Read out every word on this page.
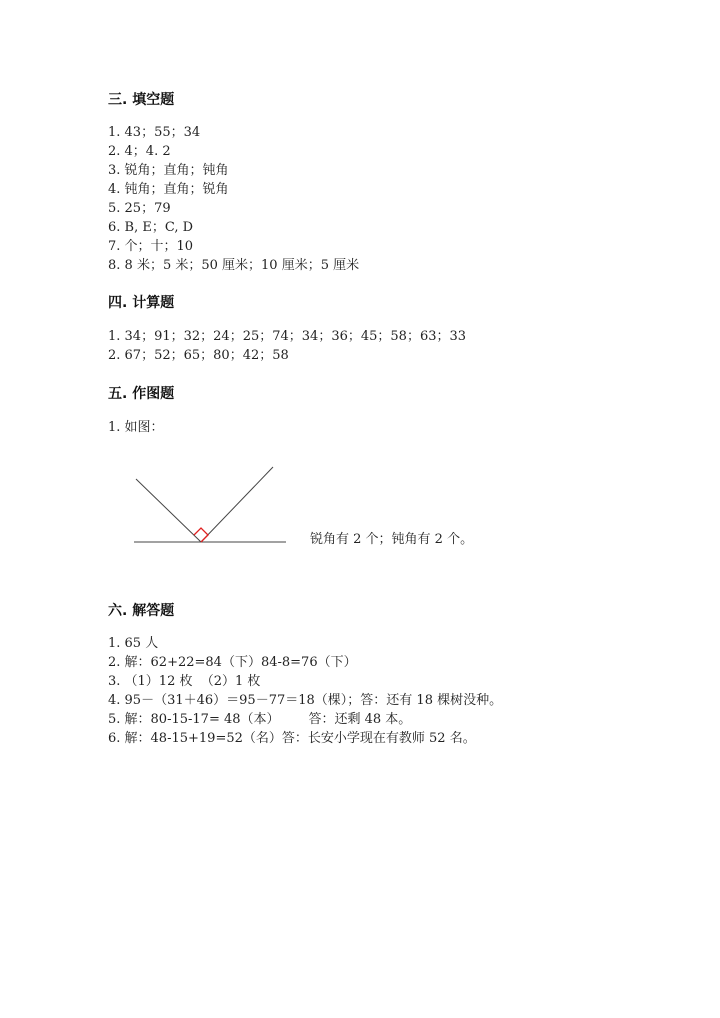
三. 填空题
1. 43；55；34
2. 4；4. 2
3. 锐角；直角；钝角
4. 钝角；直角；锐角
5. 25；79
6. B, E；C, D
7. 个；十；10
8. 8 米；5 米；50 厘米；10 厘米；5 厘米
四. 计算题
1. 34；91；32；24；25；74；34；36；45；58；63；33
2. 67；52；65；80；42；58
五. 作图题
1. 如图：
锐角有 2 个；钝角有 2 个。
六. 解答题
1. 65 人
2. 解：62+22=84（下）84-8=76（下）
3. （1）12 枚  （2）1 枚
4. 95－（31＋46）＝95－77＝18（棵）；答：还有 18 棵树没种。
5. 解：80-15-17= 48（本）       答：还剩 48 本。
6. 解：48-15+19=52（名）答：长安小学现在有教师 52 名。
